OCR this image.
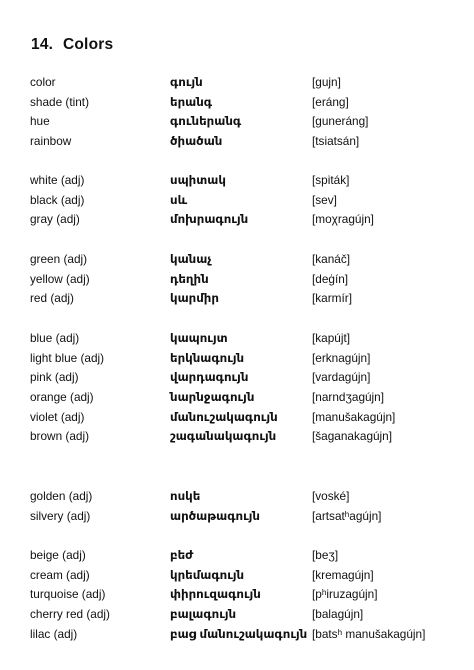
14. Colors
color	գույն	[gujn]
shade (tint)	երանգ	[eráng]
hue	գուներանգ	[guneráng]
rainbow	ծիածան	[tsiatsán]
white (adj)	սպիտակ	[spiták]
black (adj)	սև	[sev]
gray (adj)	մոխրագույն	[moχragújn]
green (adj)	կանաչ	[kanáč]
yellow (adj)	դեղին	[deġín]
red (adj)	կարմիր	[karmír]
blue (adj)	կապույտ	[kapújt]
light blue (adj)	երկնագույն	[erknagújn]
pink (adj)	վարդագույն	[vardagújn]
orange (adj)	նարնջագույն	[narndʒagújn]
violet (adj)	մանուշակագույն	[manušakagújn]
brown (adj)	շագանակագույն	[šaganakagújn]
golden (adj)	ոսկե	[voské]
silvery (adj)	արծաթագույն	[artsatʰagújn]
beige (adj)	բեժ	[beʒ]
cream (adj)	կրեմագույն	[kremagújn]
turquoise (adj)	փիրուզագույն	[pʰiruzagújn]
cherry red (adj)	բալագույն	[balagújn]
lilac (adj)	բաց մանուշակագույն [batsʰ manušakagújn]
